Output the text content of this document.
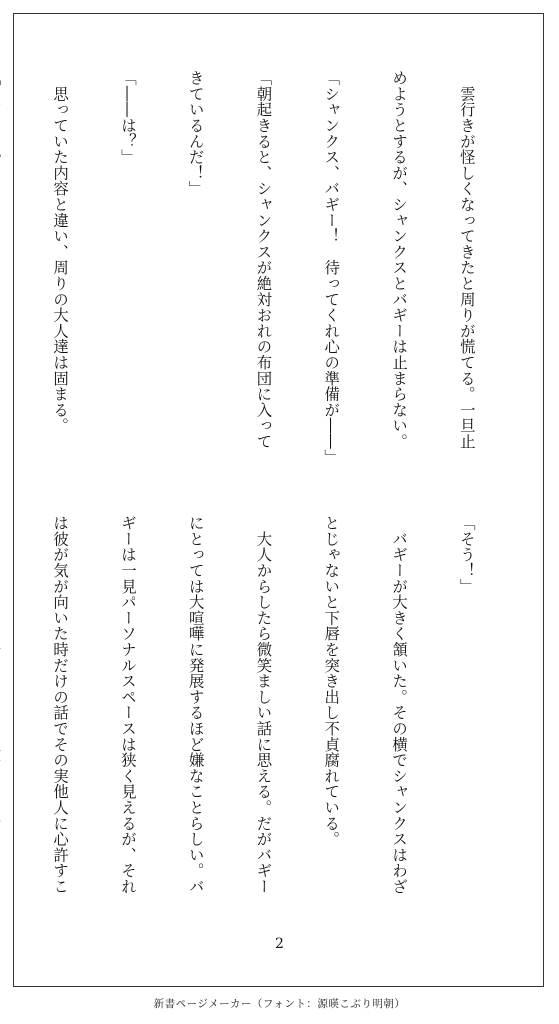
　雲行きが怪しくなってきたと周りが慌てる。一旦止

めようとするが、シャンクスとバギーは止まらない。

「シャンクス、バギー！　待ってくれ心の準備が――」

「朝起きると、シャンクスが絶対おれの布団に入って

きているんだ！」

「――は？」

　思っていた内容と違い、周りの大人達は固まる。

「そう！」

　バギーが大きく頷いた。その横でシャンクスはわざ

とじゃないと下唇を突き出し不貞腐れている。

　大人からしたら微笑ましい話に思える。だがバギー

にとっては大喧嘩に発展するほど嫌なことらしい。バ

ギーは一見パーソナルスペースは狭く見えるが、それ

は彼が気が向いた時だけの話でその実他人に心許すこ

2
新書ページメーカー（フォント：源暎こぶり明朝）
